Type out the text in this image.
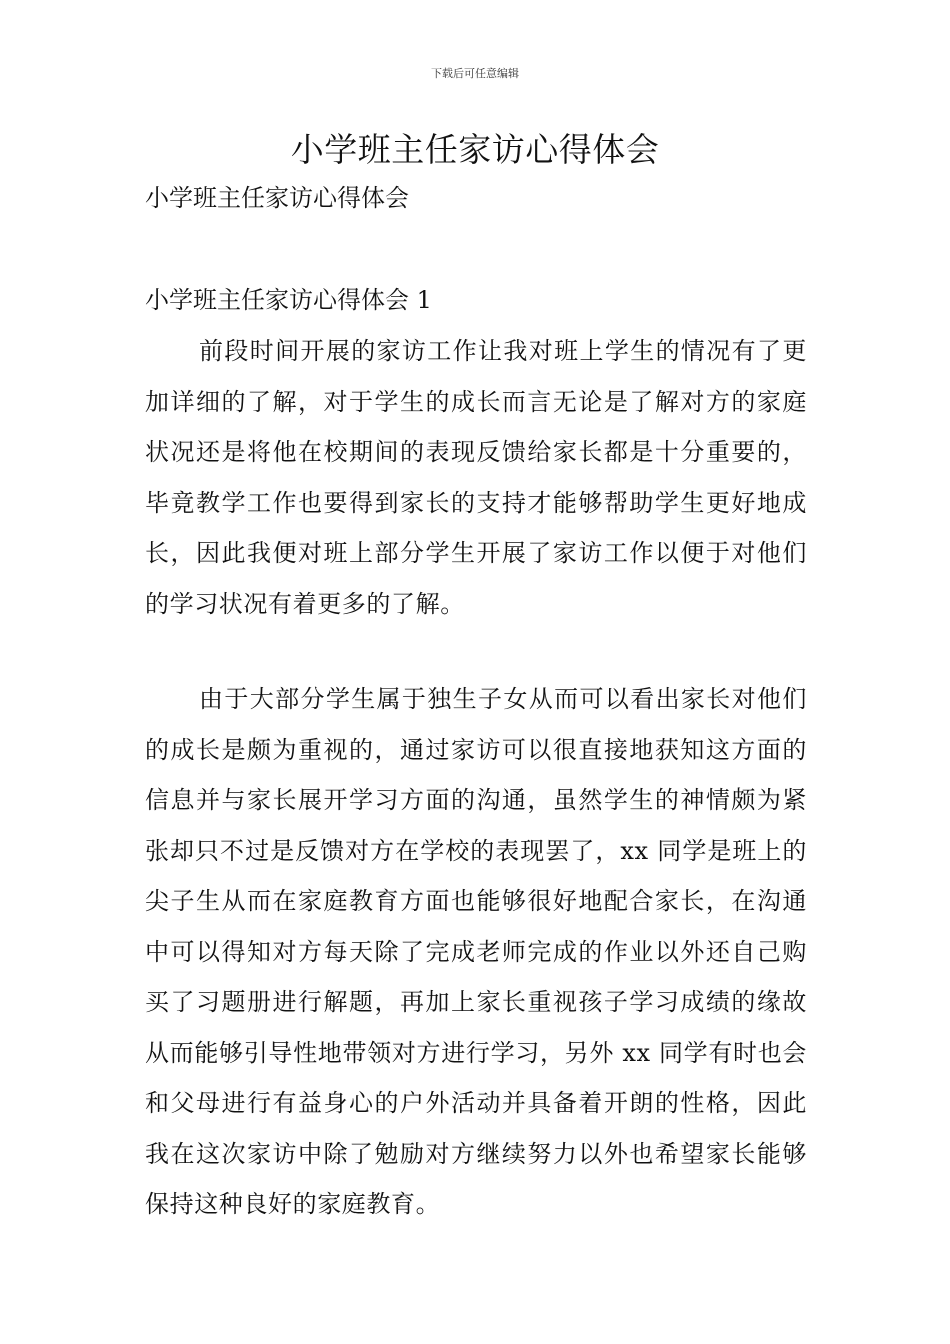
下载后可任意编辑
小学班主任家访心得体会

小学班主任家访心得体会

小学班主任家访心得体会 1

前段时间开展的家访工作让我对班上学生的情况有了更加详细的了解，对于学生的成长而言无论是了解对方的家庭状况还是将他在校期间的表现反馈给家长都是十分重要的，毕竟教学工作也要得到家长的支持才能够帮助学生更好地成长，因此我便对班上部分学生开展了家访工作以便于对他们的学习状况有着更多的了解。

由于大部分学生属于独生子女从而可以看出家长对他们的成长是颇为重视的，通过家访可以很直接地获知这方面的信息并与家长展开学习方面的沟通，虽然学生的神情颇为紧张却只不过是反馈对方在学校的表现罢了，xx 同学是班上的尖子生从而在家庭教育方面也能够很好地配合家长，在沟通中可以得知对方每天除了完成老师完成的作业以外还自己购买了习题册进行解题，再加上家长重视孩子学习成绩的缘故从而能够引导性地带领对方进行学习，另外 xx 同学有时也会和父母进行有益身心的户外活动并具备着开朗的性格，因此我在这次家访中除了勉励对方继续努力以外也希望家长能够保持这种良好的家庭教育。
